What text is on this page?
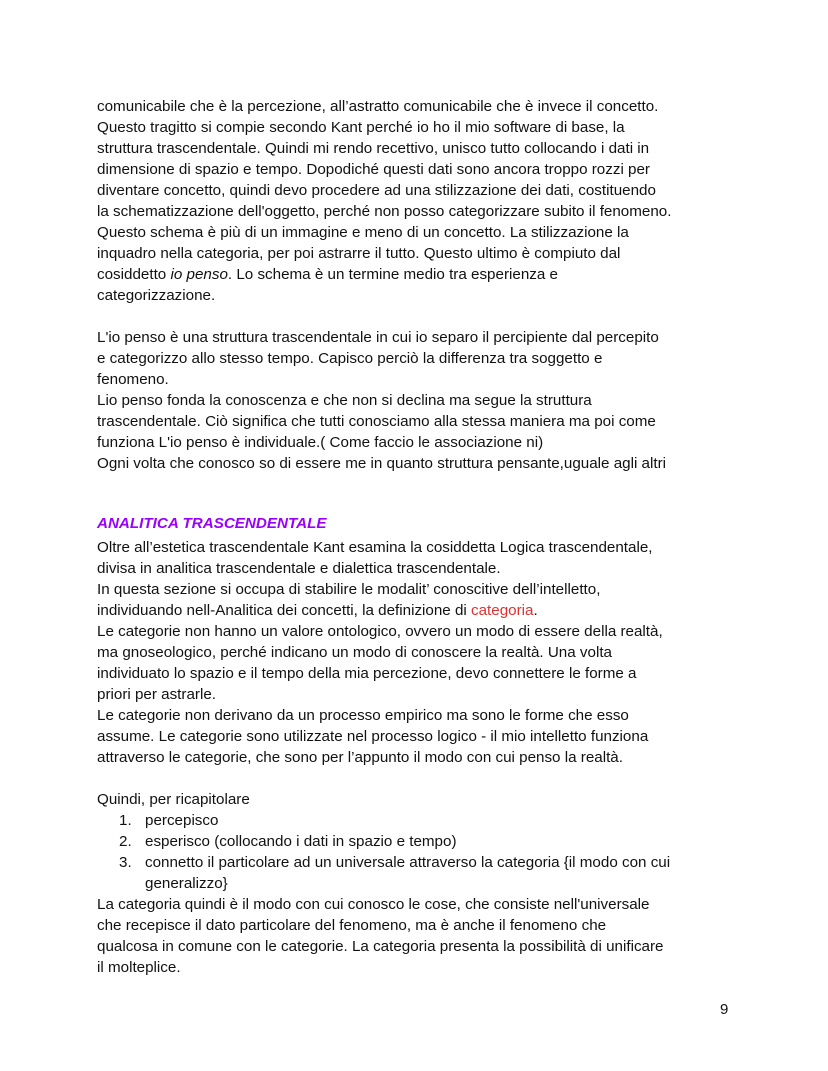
comunicabile che è la percezione, all’astratto comunicabile che è invece il concetto.
Questo tragitto si compie secondo Kant perché io ho il mio software di base, la
struttura trascendentale. Quindi mi rendo recettivo, unisco tutto collocando i dati in
dimensione di spazio e tempo. Dopodiché questi dati sono ancora troppo rozzi per
diventare concetto, quindi devo procedere ad una stilizzazione dei dati, costituendo
la schematizzazione dell'oggetto, perché non posso categorizzare subito il fenomeno.
Questo schema è più di un immagine e meno di un concetto. La stilizzazione la
inquadro nella categoria, per poi astrarre il tutto. Questo ultimo è compiuto dal
cosiddetto io penso. Lo schema è un termine medio tra esperienza e
categorizzazione.
L'io penso è una struttura trascendentale in cui io separo il percipiente dal percepito
e categorizzo allo stesso tempo. Capisco perciò la differenza tra soggetto e
fenomeno.
Lio penso fonda la conoscenza e che non si declina ma segue la struttura
trascendentale. Ciò significa che tutti conosciamo alla stessa maniera ma poi come
funziona L'io penso è individuale.( Come faccio le associazione ni)
Ogni volta che conosco so di essere me in quanto struttura pensante,uguale agli altri
ANALITICA TRASCENDENTALE
Oltre all’estetica trascendentale Kant esamina la cosiddetta Logica trascendentale,
divisa in analitica trascendentale e dialettica trascendentale.
In questa sezione si occupa di stabilire le modalit’ conoscitive dell’intelletto,
individuando nell-Analitica dei concetti, la definizione di categoria.
Le categorie non hanno un valore ontologico, ovvero un modo di essere della realtà,
ma gnoseologico, perché indicano un modo di conoscere la realtà. Una volta
individuato lo spazio e il tempo della mia percezione, devo connettere le forme a
priori per astrarle.
Le categorie non derivano da un processo empirico ma sono le forme che esso
assume. Le categorie sono utilizzate nel processo logico - il mio intelletto funziona
attraverso le categorie, che sono per l’appunto il modo con cui penso la realtà.
Quindi, per ricapitolare
1. percepisco
2. esperisco (collocando i dati in spazio e tempo)
3. connetto il particolare ad un universale attraverso la categoria {il modo con cui
generalizzo}
La categoria quindi è il modo con cui conosco le cose, che consiste nell'universale
che recepisce il dato particolare del fenomeno, ma è anche il fenomeno che
qualcosa in comune con le categorie. La categoria presenta la possibilità di unificare
il molteplice.
9
